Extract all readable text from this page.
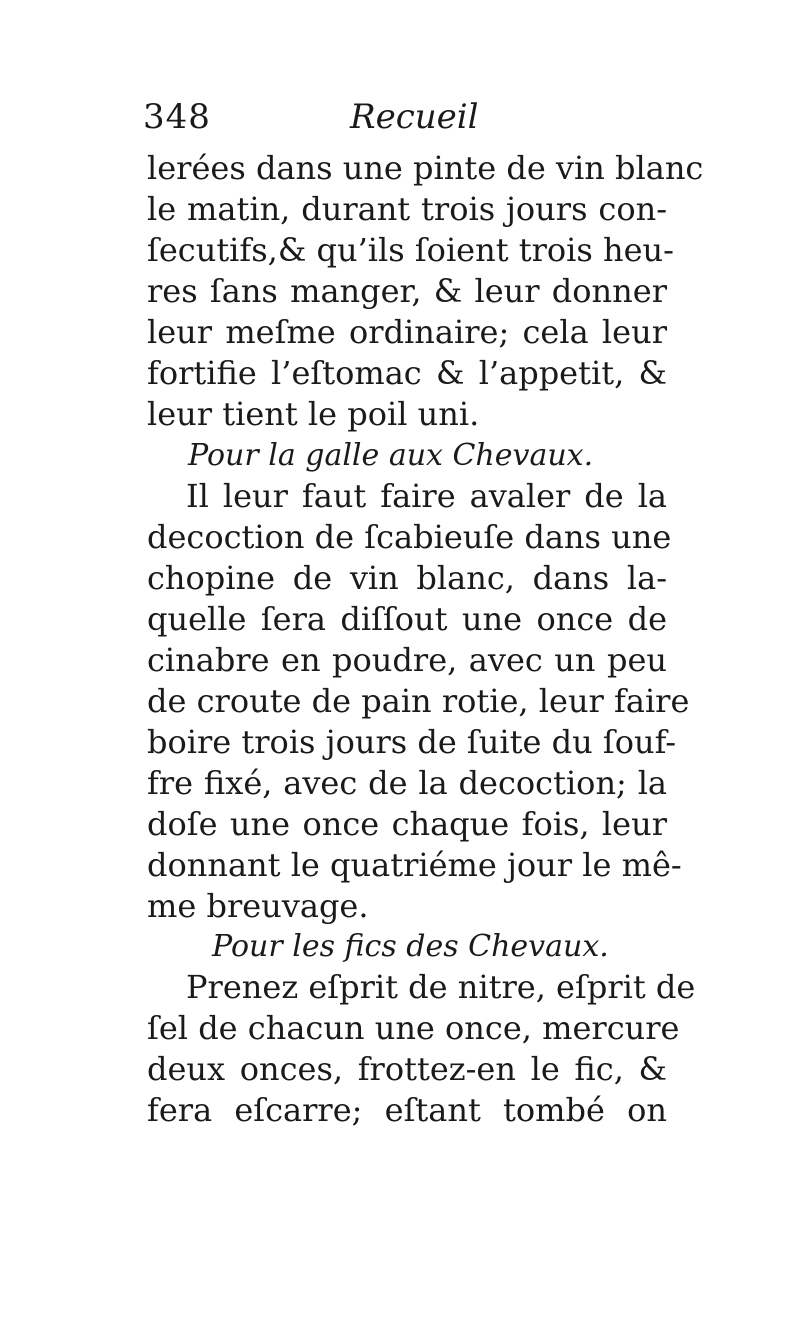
348	Recueil
lerées dans une pinte de vin blanc
le matin, durant trois jours con-
ſecutifs,& qu’ils ſoient trois heu-
res ſans manger, & leur donner
leur meſme ordinaire; cela leur
fortifie l’eſtomac & l’appetit, &
leur tient le poil uni.
Pour la galle aux Chevaux.
Il leur faut faire avaler de la
decoction de ſcabieuſe dans une
chopine de vin blanc, dans la-
quelle ſera diſſout une once de
cinabre en poudre, avec un peu
de croute de pain rotie, leur faire
boire trois jours de ſuite du ſouf-
fre fixé, avec de la decoction; la
doſe une once chaque fois, leur
donnant le quatriéme jour le mê-
me breuvage.
Pour les fics des Chevaux.
Prenez eſprit de nitre, eſprit de
ſel de chacun une once, mercure
deux onces, frottez-en le fic, &
fera eſcarre; eſtant tombé on
